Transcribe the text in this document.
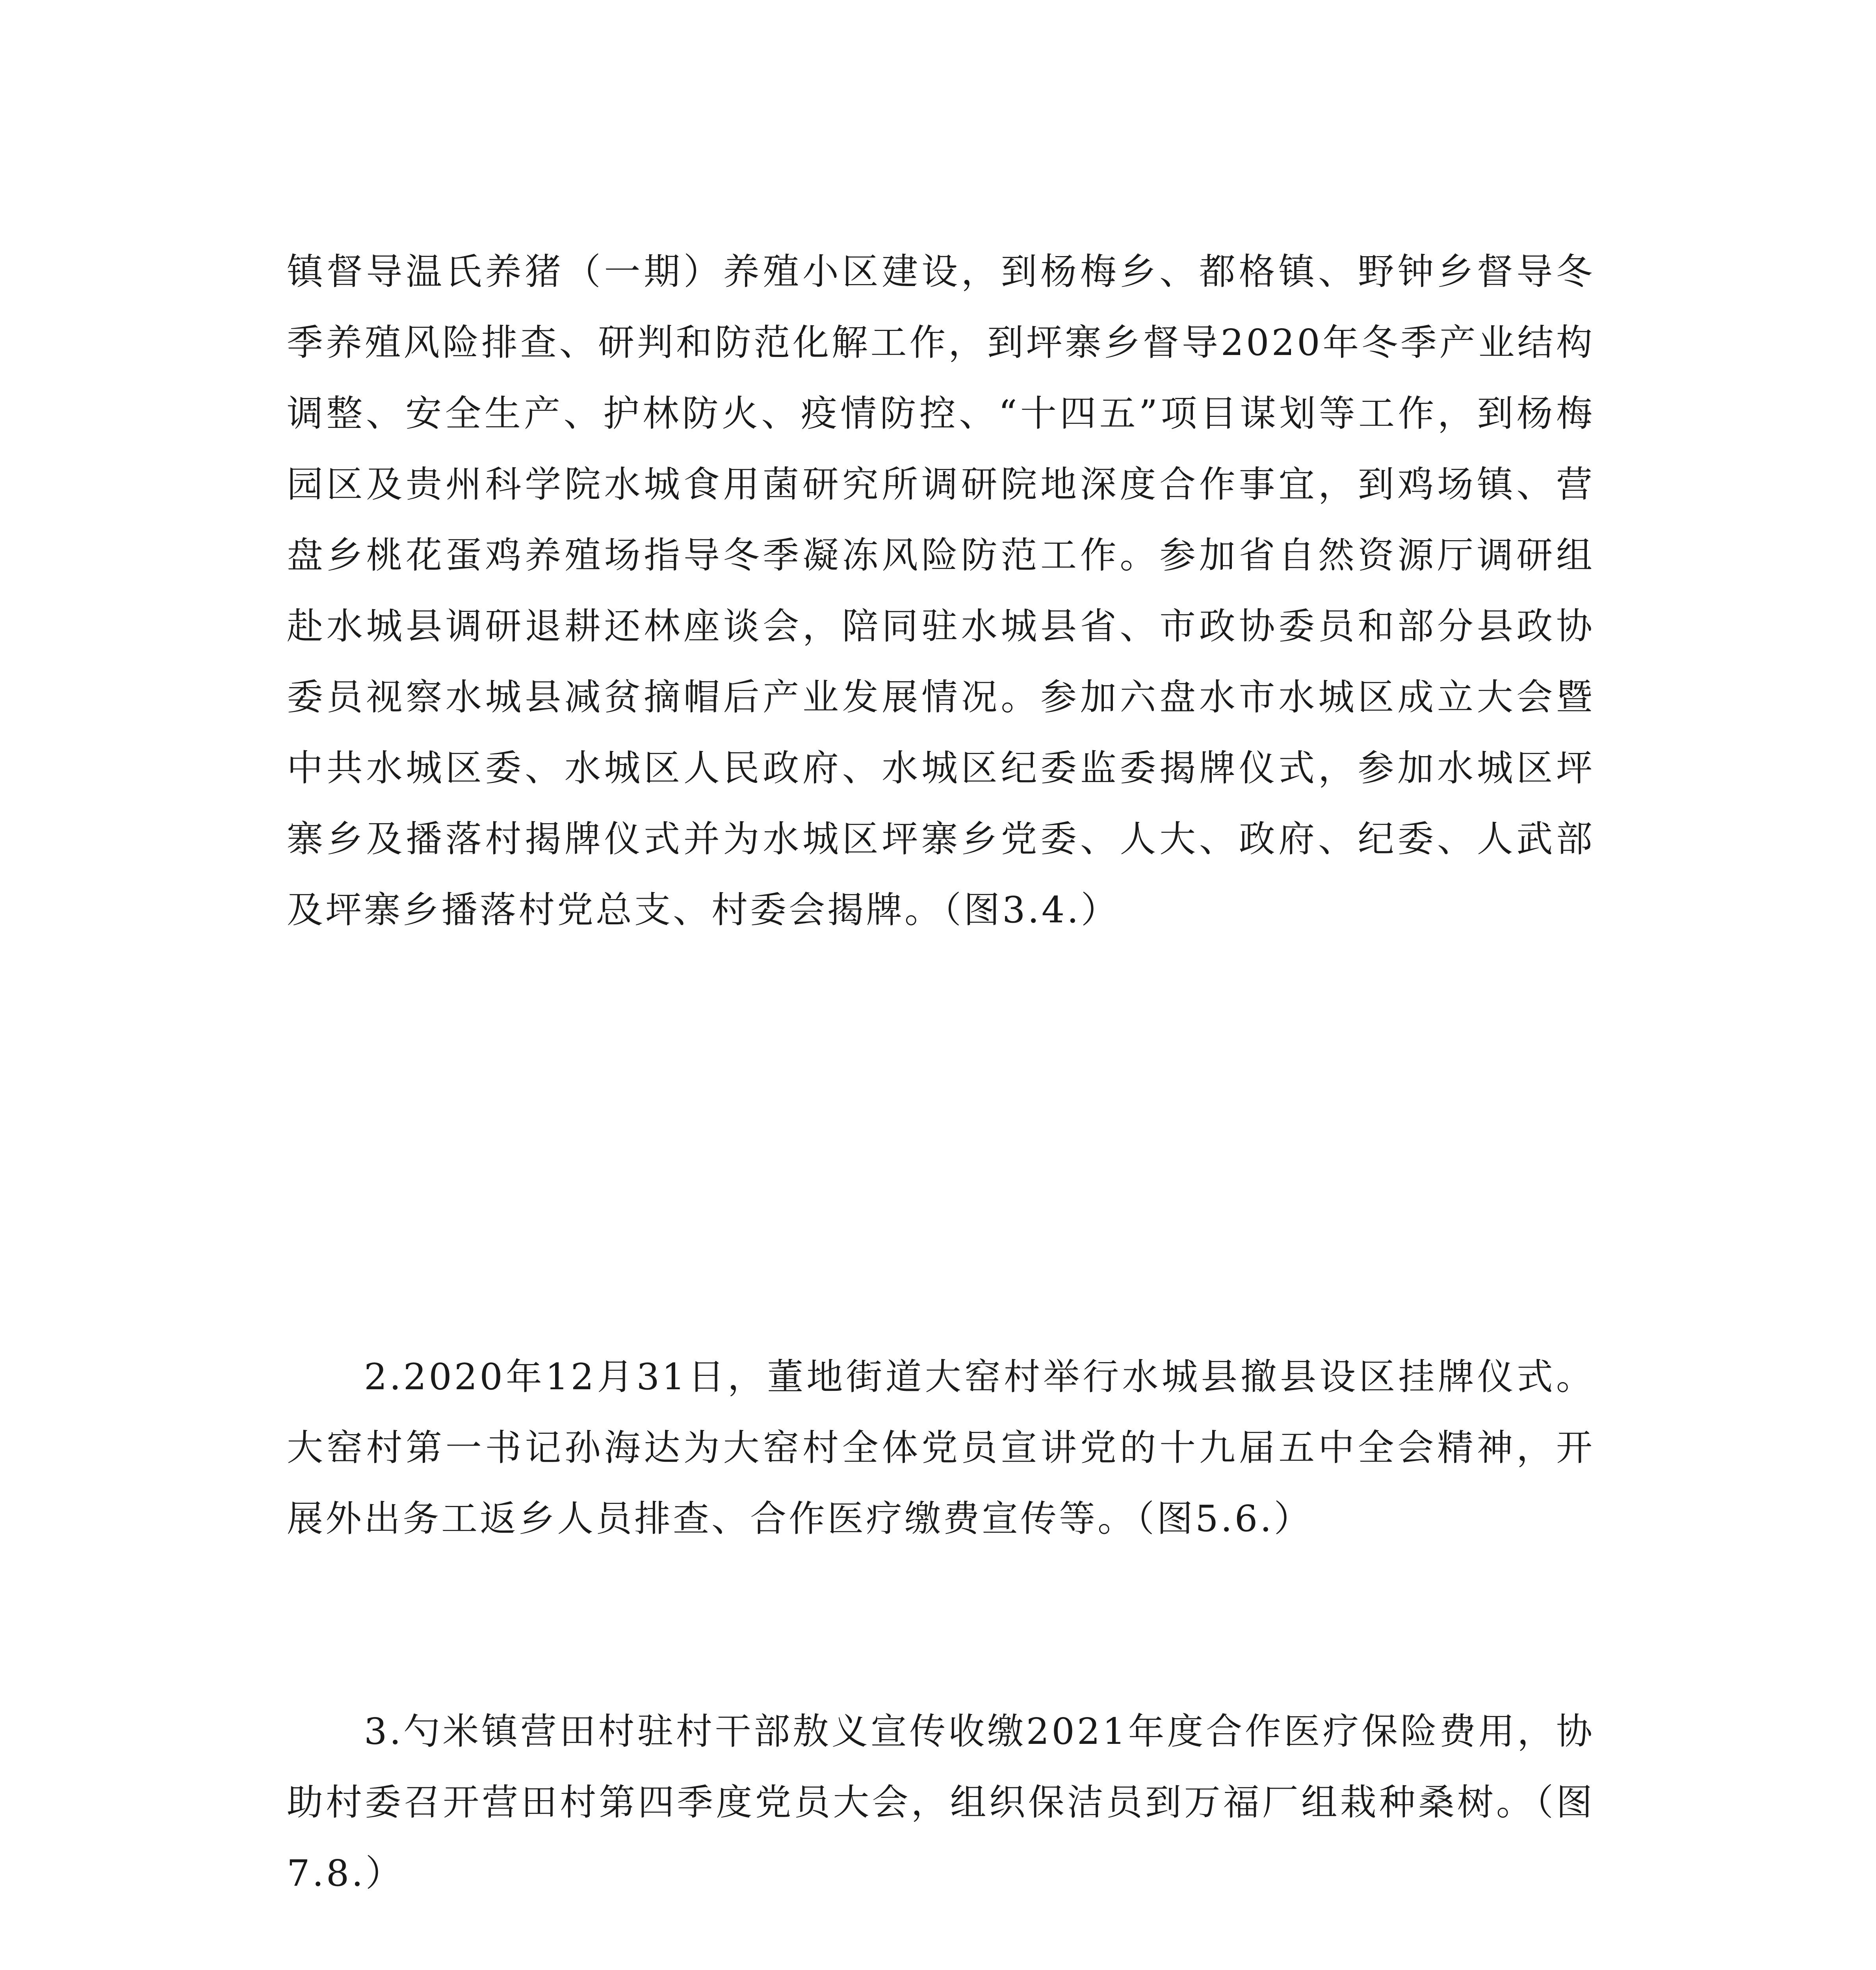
镇督导温氏养猪（一期）养殖小区建设，到杨梅乡、都格镇、野钟乡督导冬季养殖风险排查、研判和防范化解工作，到坪寨乡督导2020年冬季产业结构调整、安全生产、护林防火、疫情防控、“十四五”项目谋划等工作，到杨梅园区及贵州科学院水城食用菌研究所调研院地深度合作事宜，到鸡场镇、营盘乡桃花蛋鸡养殖场指导冬季凝冻风险防范工作。参加省自然资源厅调研组赴水城县调研退耕还林座谈会，陪同驻水城县省、市政协委员和部分县政协委员视察水城县减贫摘帽后产业发展情况。参加六盘水市水城区成立大会暨中共水城区委、水城区人民政府、水城区纪委监委揭牌仪式，参加水城区坪寨乡及播落村揭牌仪式并为水城区坪寨乡党委、人大、政府、纪委、人武部及坪寨乡播落村党总支、村委会揭牌。（图3.4.）

2.2020年12月31日，董地街道大窑村举行水城县撤县设区挂牌仪式。大窑村第一书记孙海达为大窑村全体党员宣讲党的十九届五中全会精神，开展外出务工返乡人员排查、合作医疗缴费宣传等。（图5.6.）

3.勺米镇营田村驻村干部敖义宣传收缴2021年度合作医疗保险费用，协助村委召开营田村第四季度党员大会，组织保洁员到万福厂组栽种桑树。（图7.8.）
